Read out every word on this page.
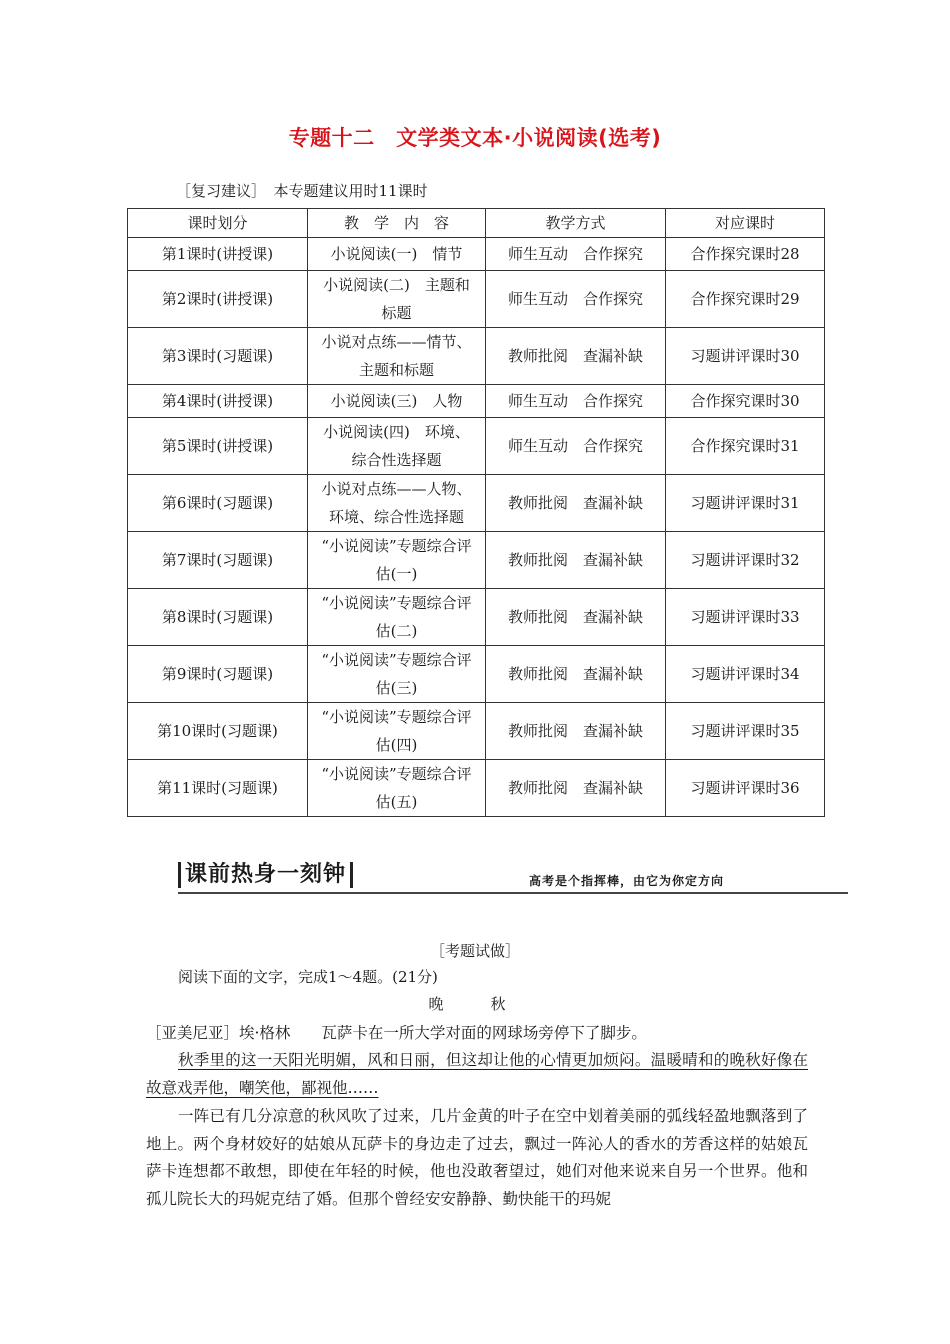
专题十二　文学类文本·小说阅读(选考)
［复习建议］　本专题建议用时11课时
课时划分	教　学　内　容	教学方式	对应课时
第1课时(讲授课)	小说阅读(一)　情节	师生互动　合作探究	合作探究课时28
第2课时(讲授课)	小说阅读(二)　主题和标题	师生互动　合作探究	合作探究课时29
第3课时(习题课)	小说对点练——情节、主题和标题	教师批阅　查漏补缺	习题讲评课时30
第4课时(讲授课)	小说阅读(三)　人物	师生互动　合作探究	合作探究课时30
第5课时(讲授课)	小说阅读(四)　环境、综合性选择题	师生互动　合作探究	合作探究课时31
第6课时(习题课)	小说对点练——人物、环境、综合性选择题	教师批阅　查漏补缺	习题讲评课时31
第7课时(习题课)	“小说阅读”专题综合评估(一)	教师批阅　查漏补缺	习题讲评课时32
第8课时(习题课)	“小说阅读”专题综合评估(二)	教师批阅　查漏补缺	习题讲评课时33
第9课时(习题课)	“小说阅读”专题综合评估(三)	教师批阅　查漏补缺	习题讲评课时34
第10课时(习题课)	“小说阅读”专题综合评估(四)	教师批阅　查漏补缺	习题讲评课时35
第11课时(习题课)	“小说阅读”专题综合评估(五)	教师批阅　查漏补缺	习题讲评课时36
课前热身一刻钟	高考是个指挥棒，由它为你定方向
［考题试做］
阅读下面的文字，完成1～4题。(21分)
晚　秋
［亚美尼亚］埃·格林　　瓦萨卡在一所大学对面的网球场旁停下了脚步。
秋季里的这一天阳光明媚，风和日丽，但这却让他的心情更加烦闷。温暖晴和的晚秋好像在故意戏弄他，嘲笑他，鄙视他……
一阵已有几分凉意的秋风吹了过来，几片金黄的叶子在空中划着美丽的弧线轻盈地飘落到了地上。两个身材姣好的姑娘从瓦萨卡的身边走了过去，飘过一阵沁人的香水的芳香这样的姑娘瓦萨卡连想都不敢想，即使在年轻的时候，他也没敢奢望过，她们对他来说来自另一个世界。他和孤儿院长大的玛妮克结了婚。但那个曾经安安静静、勤快能干的玛妮
